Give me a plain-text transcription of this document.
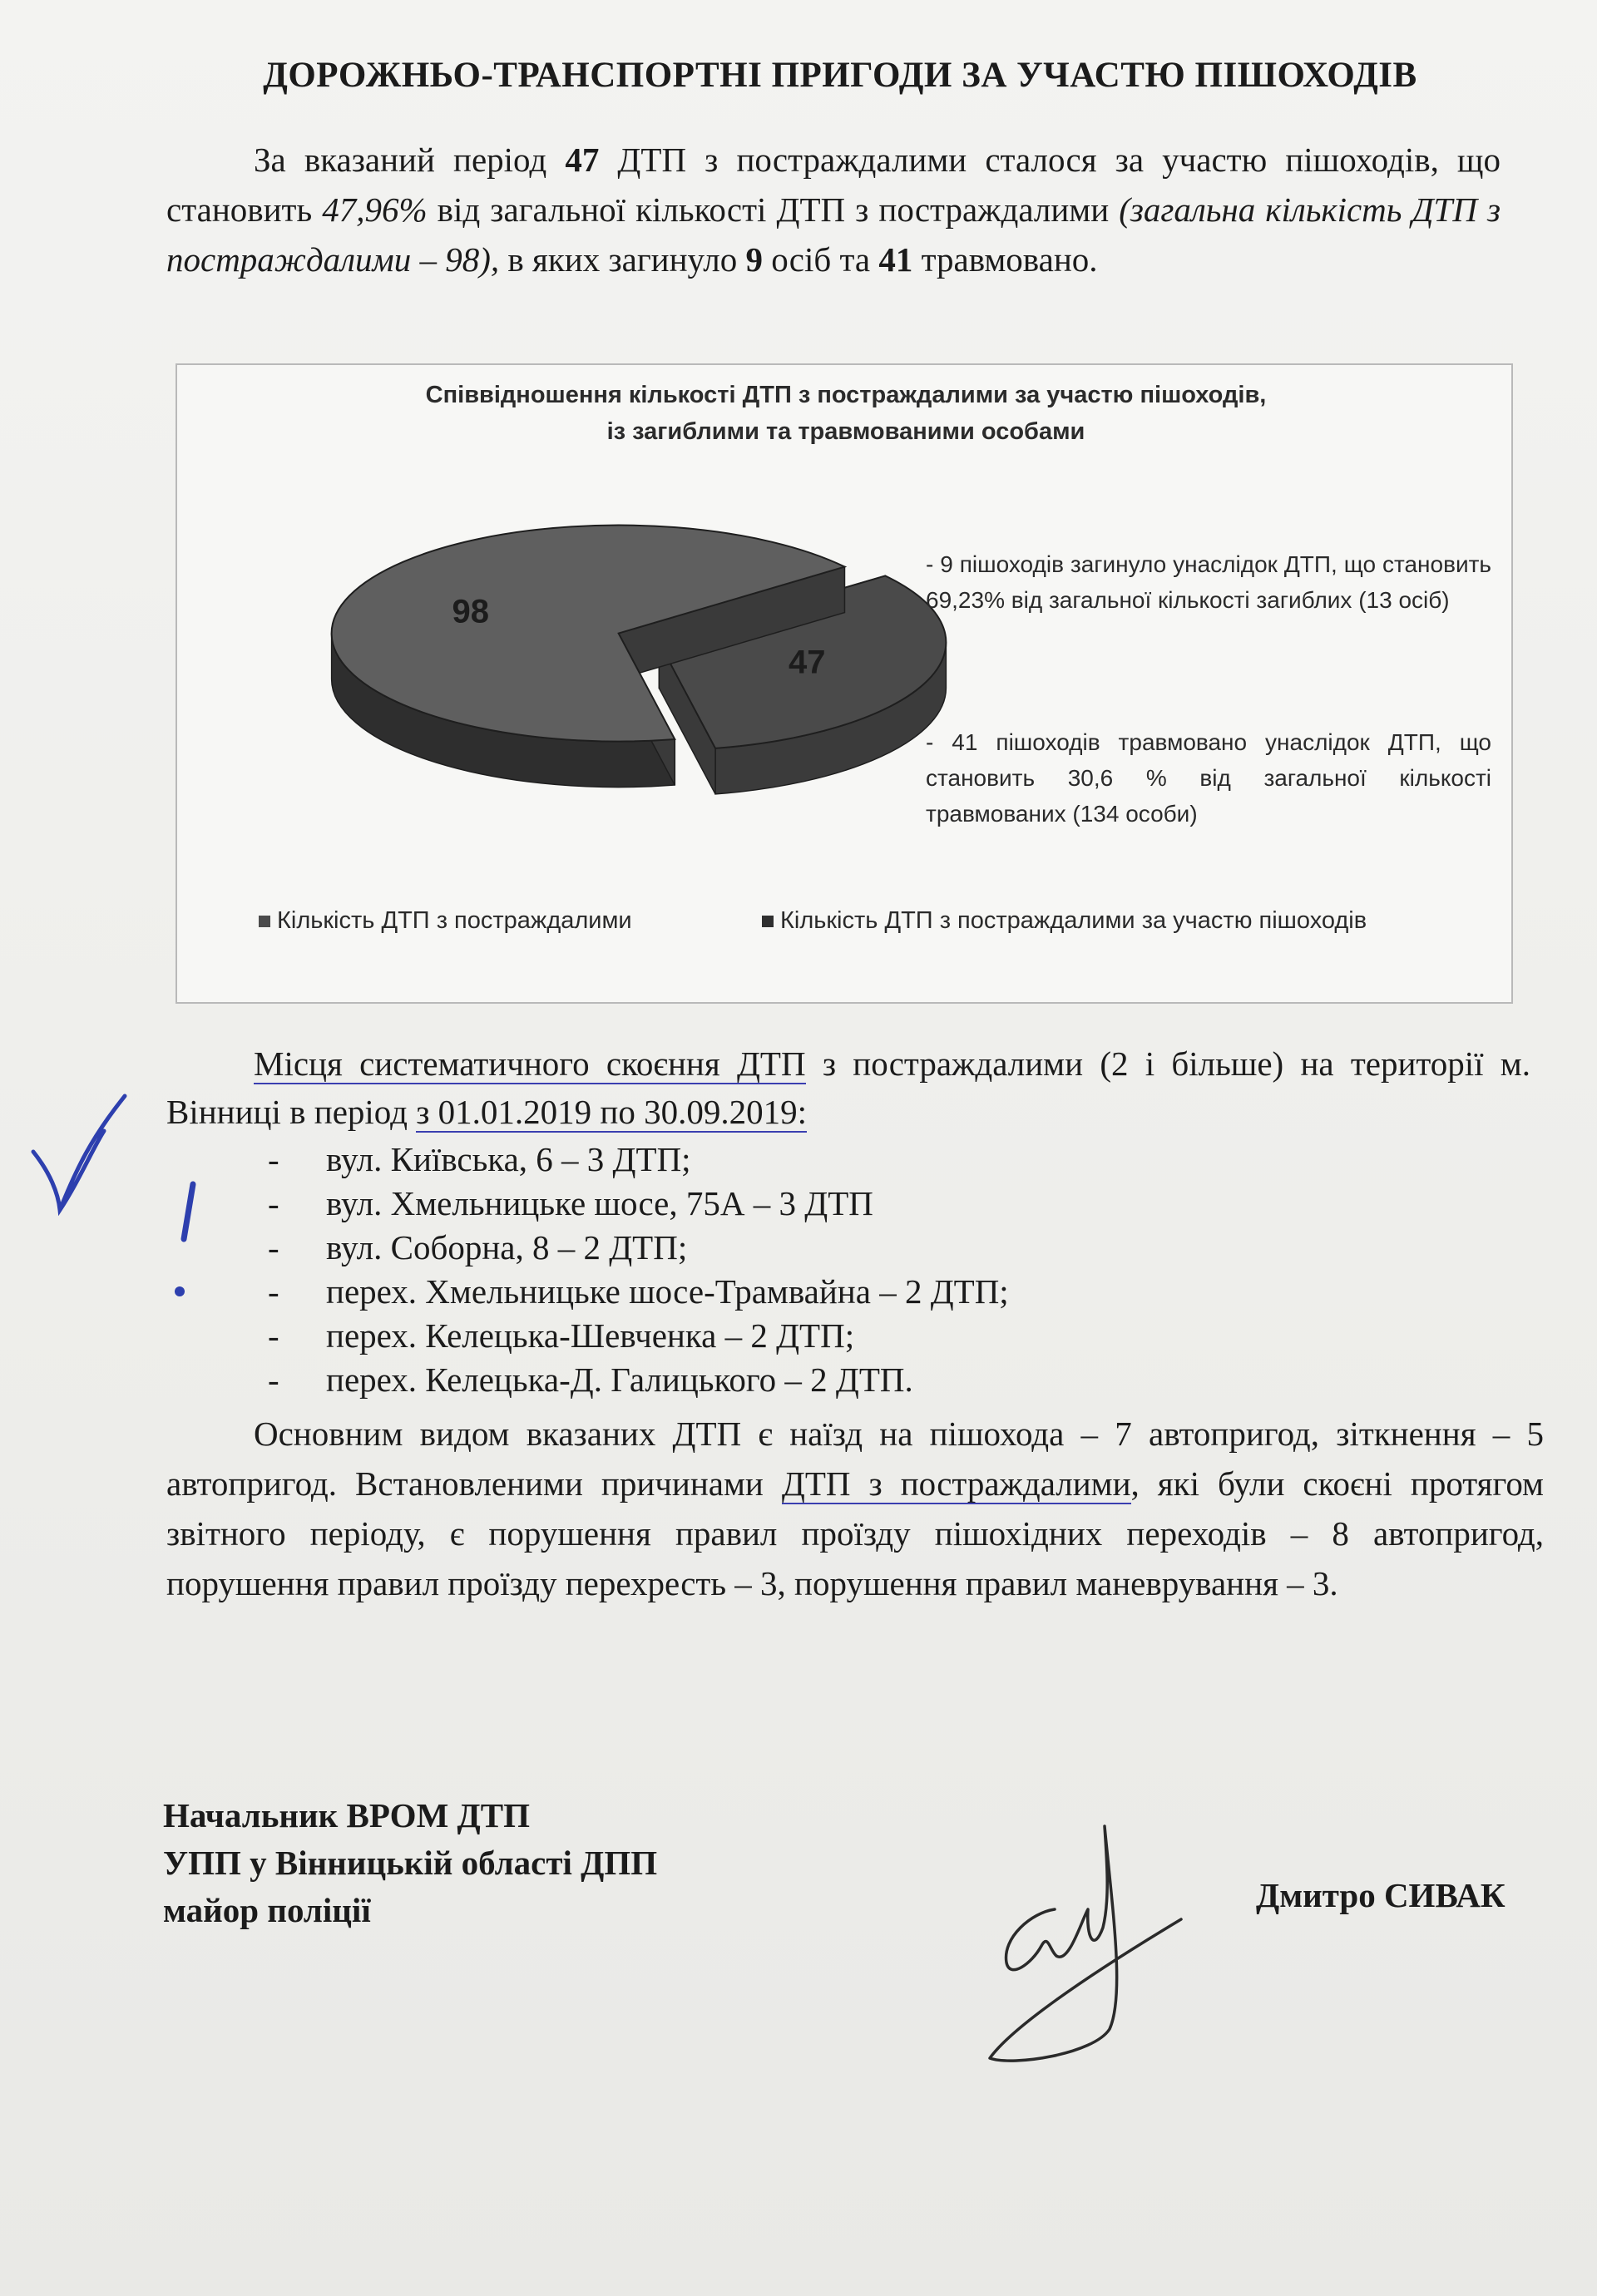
ДОРОЖНЬО-ТРАНСПОРТНІ ПРИГОДИ ЗА УЧАСТЮ ПІШОХОДІВ

За вказаний період 47 ДТП з постраждалими сталося за участю пішоходів, що становить 47,96% від загальної кількості ДТП з постраждалими (загальна кількість ДТП з постраждалими – 98), в яких загинуло 9 осіб та 41 травмовано.

Співвідношення кількості ДТП з постраждалими за участю пішоходів,
із загиблими та травмованими особами
47
98
- 9 пішоходів загинуло унаслідок ДТП, що становить 69,23% від загальної кількості загиблих (13 осіб)
- 41 пішоходів травмовано унаслідок ДТП, що становить 30,6 % від загальної кількості травмованих (134 особи)
Кількість ДТП з постраждалими	Кількість ДТП з постраждалими за участю пішоходів

Місця систематичного скоєння ДТП з постраждалими (2 і більше) на території м. Вінниці в період з 01.01.2019 по 30.09.2019:

- вул. Київська, 6 – 3 ДТП;
- вул. Хмельницьке шосе, 75А – 3 ДТП
- вул. Соборна, 8 – 2 ДТП;
- перех. Хмельницьке шосе-Трамвайна – 2 ДТП;
- перех. Келецька-Шевченка – 2 ДТП;
- перех. Келецька-Д. Галицького – 2 ДТП.

Основним видом вказаних ДТП є наїзд на пішохода – 7 автопригод, зіткнення – 5 автопригод. Встановленими причинами ДТП з постраждалими, які були скоєні протягом звітного періоду, є порушення правил проїзду пішохідних переходів – 8 автопригод, порушення правил проїзду перехресть – 3, порушення правил маневрування – 3.

Начальник ВРОМ ДТП
УПП у Вінницькій області ДПП
майор поліції	Дмитро СИВАК
